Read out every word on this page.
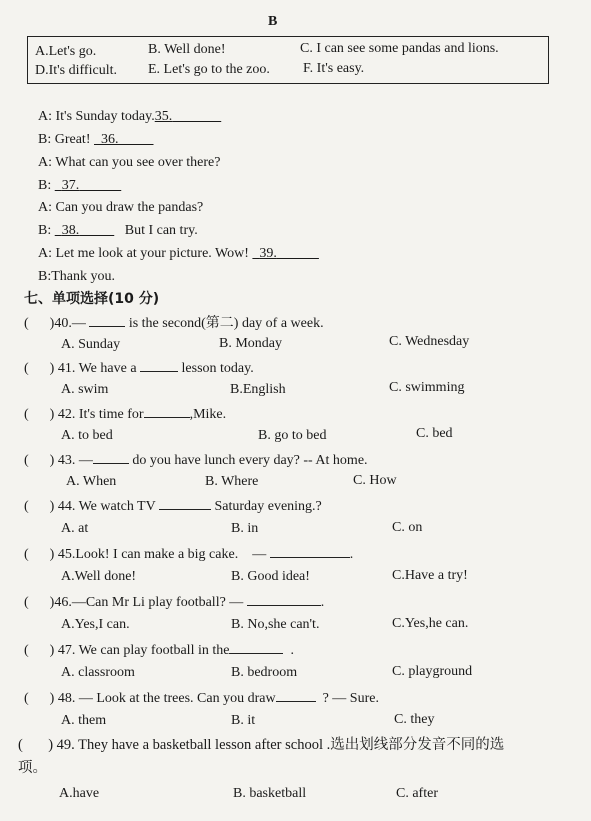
B
A.Let's go.	B. Well done!	C. I can see some pandas and lions.
D.It's difficult. E. Let's go to the zoo. F. It's easy.
A: It's Sunday today.35.
B: Great! 36.
A: What can you see over there?
B: 37.
A: Can you draw the pandas?
B: 38.	But I can try.
A: Let me look at your picture. Wow! 39.
B:Thank you.
七、单项选择(10 分)
(      )40.—	is the second(第二) day of a week.
A. Sunday	B. Monday	C. Wednesday
(      ) 41. We have a	lesson today.
A. swim	B.English	C. swimming
(      ) 42. It's time for	,Mike.
A. to bed	B. go to bed	C. bed
(      ) 43. —	do you have lunch every day? -- At home.
A. When	B. Where	C. How
(      ) 44. We watch TV	Saturday evening.?
A. at	B. in	C. on
(      ) 45.Look! I can make a big cake.    —	.
A.Well done!	B. Good idea!	C.Have a try!
(      )46.—Can Mr Li play football? —	.
A.Yes,I can.	B. No,she can't.	C.Yes,he can.
(      ) 47. We can play football in the	.
A. classroom	B. bedroom	C. playground
(      ) 48. — Look at the trees. Can you draw	? — Sure.
A. them	B. it	C. they
(       ) 49. They have a basketball lesson after school .选出划线部分发音不同的选
项。
A.have	B. basketball	C. after
